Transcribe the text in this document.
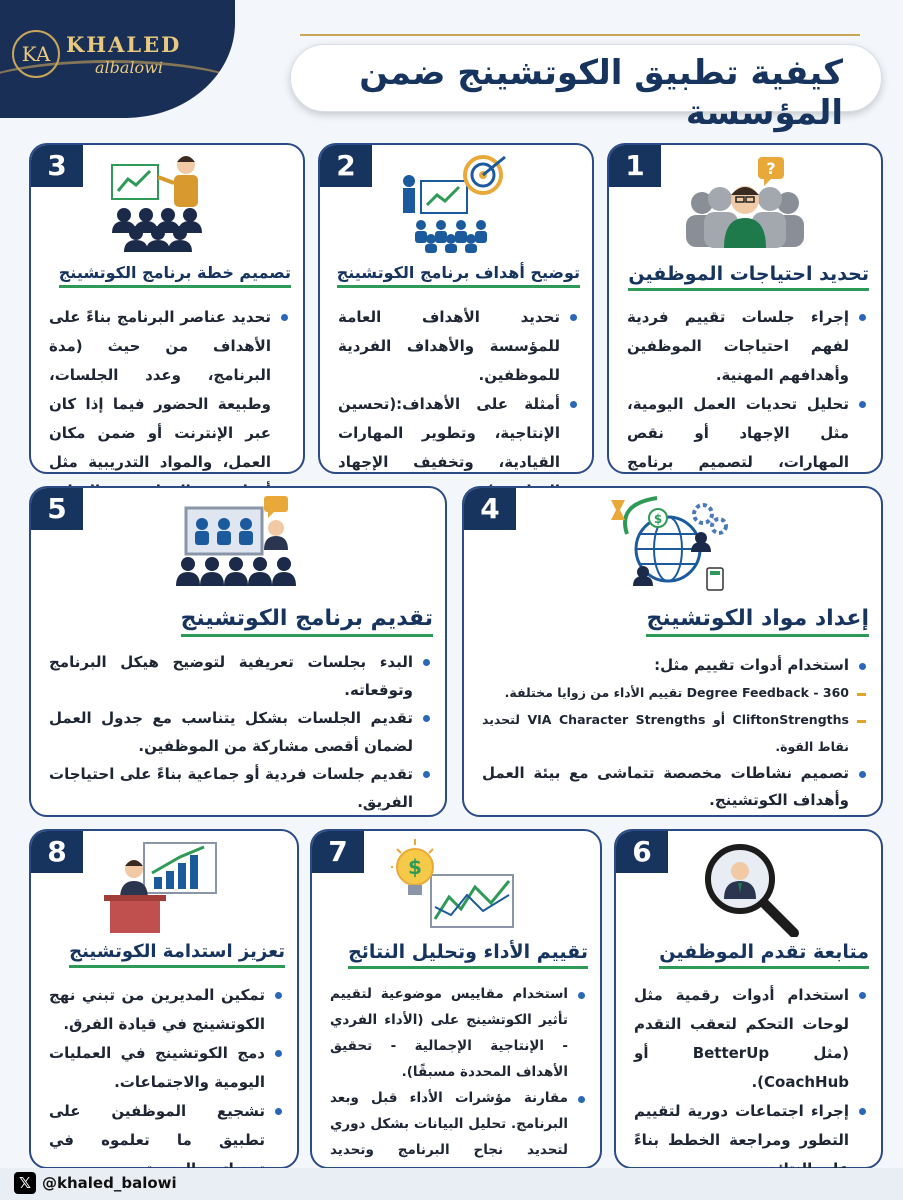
KA KHALED
albalowi	كيفية تطبيق الكوتشينج ضمن المؤسسة
1	?
تحديد احتياجات الموظفين
إجراء جلسات تقييم فردية لفهم احتياجات الموظفين وأهدافهم المهنية.
تحليل تحديات العمل اليومية، مثل الإجهاد أو نقص المهارات، لتصميم برنامج
2
توضيح أهداف برنامج الكوتشينج
تحديد الأهداف العامة للمؤسسة والأهداف الفردية للموظفين.
أمثلة على الأهداف:(تحسين الإنتاجية، وتطوير المهارات القيادية، وتخفيف الإجهاد
3
تصميم خطة برنامج الكوتشينج
تحديد عناصر البرنامج بناءً على الأهداف من حيث (مدة البرنامج، وعدد الجلسات، وطبيعة الحضور فيما إذا كان عبر الإنترنت أو ضمن مكان العمل، والمواد التدريبية مثل
4	$
إعداد مواد الكوتشينج
استخدام أدوات تقييم مثل:
360 - Degree Feedback تقييم الأداء من زوايا مختلفة.
CliftonStrengths أو VIA Character Strengths لتحديد نقاط القوة.
تصميم نشاطات مخصصة تتماشى مع بيئة العمل وأهداف الكوتشينج.
5
تقديم برنامج الكوتشينج
البدء بجلسات تعريفية لتوضيح هيكل البرنامج وتوقعاته.
تقديم الجلسات بشكل يتناسب مع جدول العمل لضمان أقصى مشاركة من الموظفين.
تقديم جلسات فردية أو جماعية بناءً على احتياجات الفريق.
6
متابعة تقدم الموظفين
استخدام أدوات رقمية مثل لوحات التحكم لتعقب التقدم (مثل BetterUp أو CoachHub).
إجراء اجتماعات دورية لتقييم التطور ومراجعة الخطط بناءً
7	$
تقييم الأداء وتحليل النتائج
استخدام مقاييس موضوعية لتقييم تأثير الكوتشينج على (الأداء الفردي - الإنتاجية الإجمالية - تحقيق الأهداف المحددة مسبقًا).
مقارنة مؤشرات الأداء قبل وبعد البرنامج. تحليل البيانات بشكل دوري لتحديد نجاح البرنامج وتحديد
8
تعزيز استدامة الكوتشينج
تمكين المديرين من تبني نهج الكوتشينج في قيادة الفرق.
دمج الكوتشينج في العمليات اليومية والاجتماعات.
تشجيع الموظفين على تطبيق ما تعلموه في
𝕏 @khaled_balowi
